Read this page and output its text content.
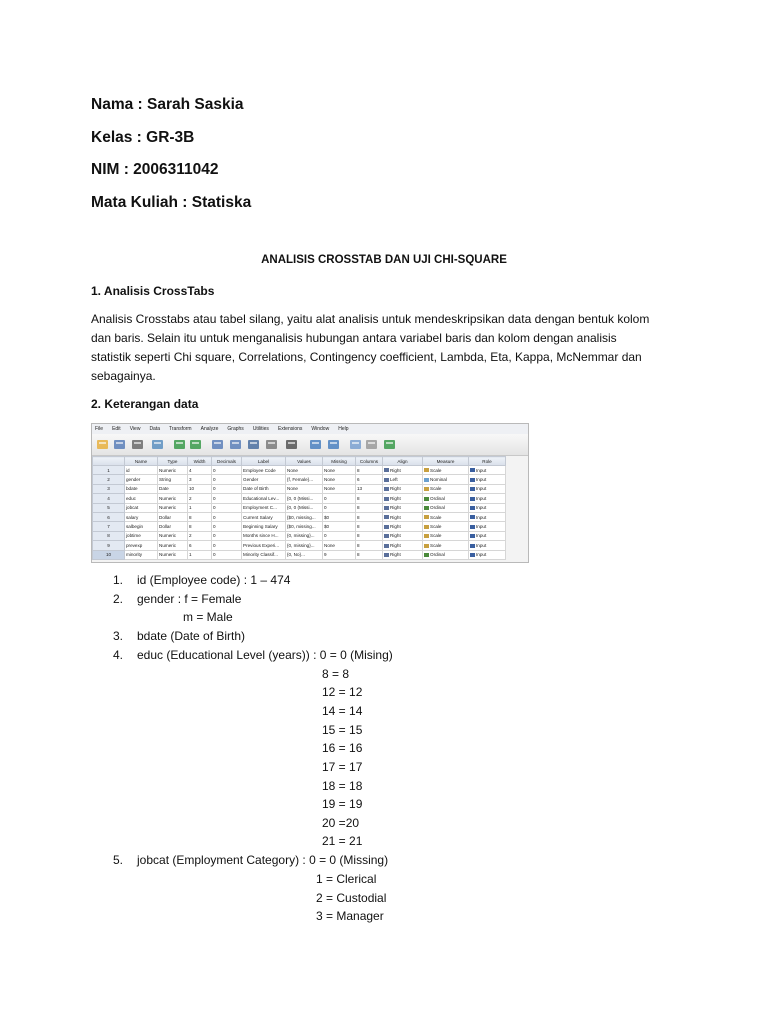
Nama : Sarah Saskia
Kelas : GR-3B
NIM : 2006311042
Mata Kuliah : Statiska
ANALISIS CROSSTAB DAN UJI CHI-SQUARE
1. Analisis CrossTabs
Analisis Crosstabs atau tabel silang, yaitu alat analisis untuk mendeskripsikan data dengan bentuk kolom
dan baris. Selain itu untuk menganalisis hubungan antara variabel baris dan kolom dengan analisis
statistik seperti Chi square, Correlations, Contingency coefficient, Lambda, Eta, Kappa, McNemmar dan
sebagainya.
2. Keterangan data
File Edit View Data Transform Analyze Graphs Utilities Extensions Window Help
	Name	Type	Width	Decimals	Label	Values	Missing	Columns	Align	Measure	Role
1	id	Numeric	4	0	Employee Code	None	None	8	Right	Scale	Input
2	gender	String	3	0	Gender	{f, Female}...	None	6	Left	Nominal	Input
3	bdate	Date	10	0	Date of Birth	None	None	13	Right	Scale	Input
4	educ	Numeric	2	0	Educational Lev...	{0, 0 (Missi...	0	8	Right	Ordinal	Input
5	jobcat	Numeric	1	0	Employment C...	{0, 0 (Missi...	0	8	Right	Ordinal	Input
6	salary	Dollar	8	0	Current Salary	{$0, missing...	$0	8	Right	Scale	Input
7	salbegin	Dollar	8	0	Beginning Salary	{$0, missing...	$0	8	Right	Scale	Input
8	jobtime	Numeric	2	0	Months since H...	{0, missing}...	0	8	Right	Scale	Input
9	prevexp	Numeric	6	0	Previous Experi...	{0, missing}...	None	8	Right	Scale	Input
10	minority	Numeric	1	0	Minority Classif...	{0, No}...	9	8	Right	Ordinal	Input
1. id (Employee code) : 1 – 474
2. gender : f = Female
m = Male
3. bdate (Date of Birth)
4. educ (Educational Level (years)) : 0 = 0 (Mising)
8 = 8
12 = 12
14 = 14
15 = 15
16 = 16
17 = 17
18 = 18
19 = 19
20 =20
21 = 21
5. jobcat (Employment Category) : 0 = 0 (Missing)
1 = Clerical
2 = Custodial
3 = Manager
